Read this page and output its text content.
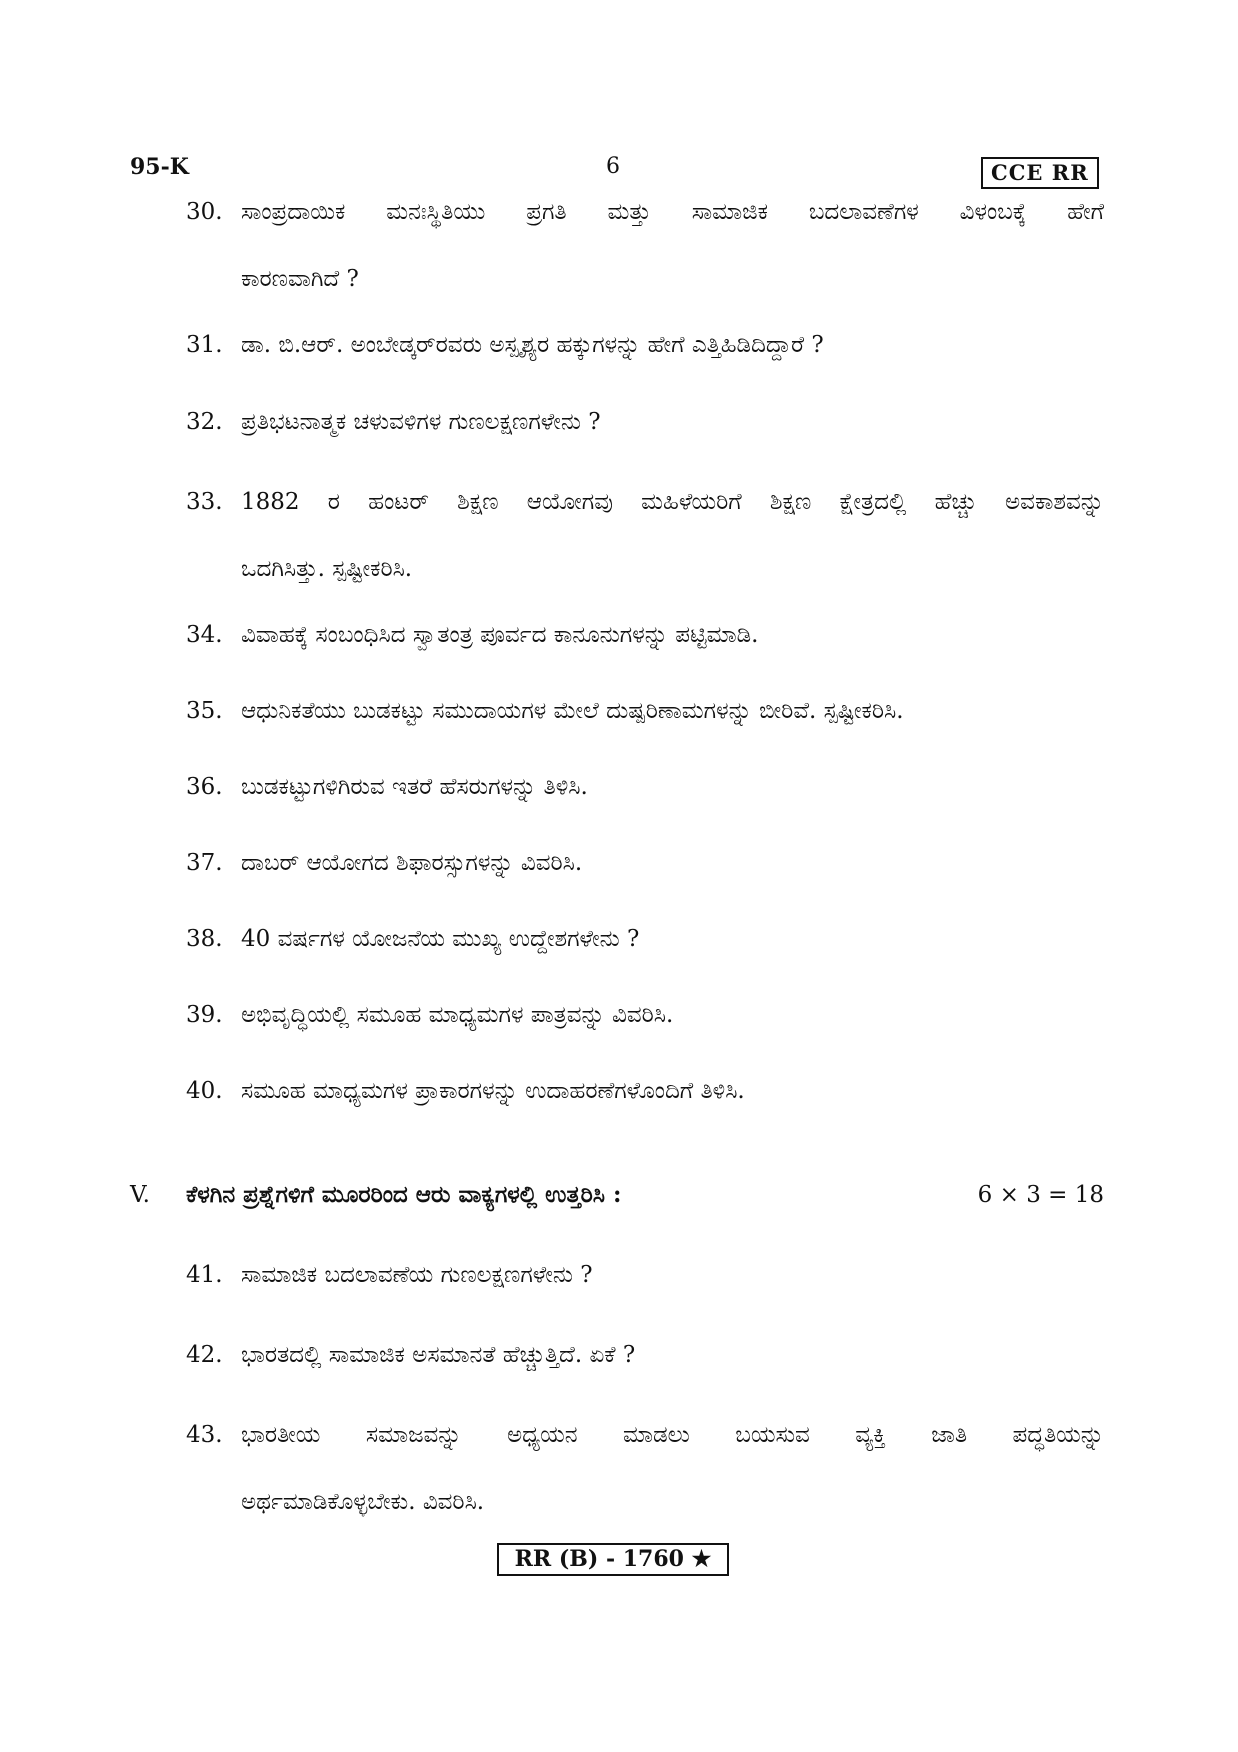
95-K	6	CCE RR
30. ಸಾಂಪ್ರದಾಯಿಕ ಮನಃಸ್ಥಿತಿಯು ಪ್ರಗತಿ ಮತ್ತು ಸಾಮಾಜಿಕ ಬದಲಾವಣೆಗಳ ವಿಳಂಬಕ್ಕೆ ಹೇಗೆ
ಕಾರಣವಾಗಿದೆ ?
31. ಡಾ. ಬಿ.ಆರ್. ಅಂಬೇಡ್ಕರ್‌ರವರು ಅಸ್ಪೃಶ್ಯರ ಹಕ್ಕುಗಳನ್ನು ಹೇಗೆ ಎತ್ತಿಹಿಡಿದಿದ್ದಾರೆ ?
32. ಪ್ರತಿಭಟನಾತ್ಮಕ ಚಳುವಳಿಗಳ ಗುಣಲಕ್ಷಣಗಳೇನು ?
33. 1882 ರ ಹಂಟರ್ ಶಿಕ್ಷಣ ಆಯೋಗವು ಮಹಿಳೆಯರಿಗೆ ಶಿಕ್ಷಣ ಕ್ಷೇತ್ರದಲ್ಲಿ ಹೆಚ್ಚು ಅವಕಾಶವನ್ನು
ಒದಗಿಸಿತ್ತು. ಸ್ಪಷ್ಟೀಕರಿಸಿ.
34. ವಿವಾಹಕ್ಕೆ ಸಂಬಂಧಿಸಿದ ಸ್ವಾತಂತ್ರ ಪೂರ್ವದ ಕಾನೂನುಗಳನ್ನು ಪಟ್ಟಿಮಾಡಿ.
35. ಆಧುನಿಕತೆಯು ಬುಡಕಟ್ಟು ಸಮುದಾಯಗಳ ಮೇಲೆ ದುಷ್ಪರಿಣಾಮಗಳನ್ನು ಬೀರಿವೆ. ಸ್ಪಷ್ಟೀಕರಿಸಿ.
36. ಬುಡಕಟ್ಟುಗಳಿಗಿರುವ ಇತರೆ ಹೆಸರುಗಳನ್ನು ತಿಳಿಸಿ.
37. ದಾಬರ್ ಆಯೋಗದ ಶಿಫಾರಸ್ಸುಗಳನ್ನು ವಿವರಿಸಿ.
38. 40 ವರ್ಷಗಳ ಯೋಜನೆಯ ಮುಖ್ಯ ಉದ್ದೇಶಗಳೇನು ?
39. ಅಭಿವೃದ್ಧಿಯಲ್ಲಿ ಸಮೂಹ ಮಾಧ್ಯಮಗಳ ಪಾತ್ರವನ್ನು ವಿವರಿಸಿ.
40. ಸಮೂಹ ಮಾಧ್ಯಮಗಳ ಪ್ರಾಕಾರಗಳನ್ನು ಉದಾಹರಣೆಗಳೊಂದಿಗೆ ತಿಳಿಸಿ.
V. ಕೆಳಗಿನ ಪ್ರಶ್ನೆಗಳಿಗೆ ಮೂರರಿಂದ ಆರು ವಾಕ್ಯಗಳಲ್ಲಿ ಉತ್ತರಿಸಿ :	6 × 3 = 18
41. ಸಾಮಾಜಿಕ ಬದಲಾವಣೆಯ ಗುಣಲಕ್ಷಣಗಳೇನು ?
42. ಭಾರತದಲ್ಲಿ ಸಾಮಾಜಿಕ ಅಸಮಾನತೆ ಹೆಚ್ಚುತ್ತಿದೆ. ಏಕೆ ?
43. ಭಾರತೀಯ ಸಮಾಜವನ್ನು ಅಧ್ಯಯನ ಮಾಡಲು ಬಯಸುವ ವ್ಯಕ್ತಿ ಜಾತಿ ಪದ್ಧತಿಯನ್ನು
ಅರ್ಥಮಾಡಿಕೊಳ್ಳಬೇಕು. ವಿವರಿಸಿ.
RR (B) - 1760 ★
